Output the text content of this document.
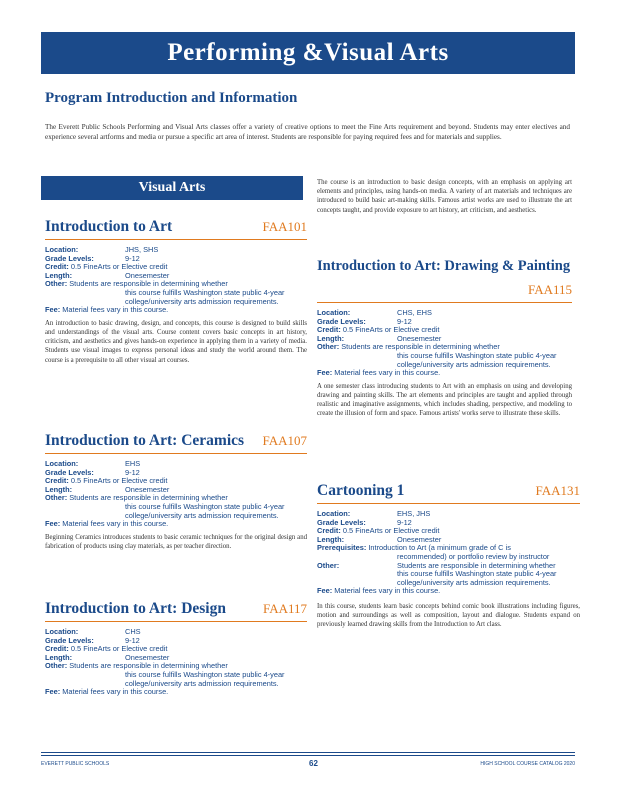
Performing &Visual Arts
Program Introduction and Information
The Everett Public Schools Performing and Visual Arts classes offer a variety of creative options to meet the Fine Arts requirement and beyond. Students may enter electives and experience several artforms and media or pursue a specific art area of interest. Students are responsible for paying required fees and for materials and supplies.
Visual Arts
Introduction to Art	FAA101
Location:	JHS, SHS
Grade Levels:	9-12
Credit:
0.5 FineArts or Elective credit
Length:	Onesemester
Other:
Students are responsible in determining whether
this course fulfills Washington state public 4-year college/university arts admission requirements.
Fee: Material fees vary in this course.
An introduction to basic drawing, design, and concepts, this course is designed to build skills and understandings of the visual arts. Course content covers basic concepts in art history, criticism, and aesthetics and gives hands-on experience in applying them in a variety of media. Students use visual images to express personal ideas and study the world around them. The course is a prerequisite to all other visual art courses.
Introduction to Art: Ceramics FAA107
Location:	EHS
Grade Levels:	9-12
Credit:
0.5 FineArts or Elective credit
Length:	Onesemester
Other:
Students are responsible in determining whether
this course fulfills Washington state public 4-year college/university arts admission requirements.
Fee: Material fees vary in this course.
Beginning Ceramics introduces students to basic ceramic techniques for the original design and fabrication of products using clay materials, as per teacher direction.
Introduction to Art: Design	FAA117
Location:	CHS
Grade Levels:	9-12
Credit:
0.5 FineArts or Elective credit
Length:	Onesemester
Other:
Students are responsible in determining whether
this course fulfills Washington state public 4-year college/university arts admission requirements.
Fee: Material fees vary in this course.
The course is an introduction to basic design concepts, with an emphasis on applying art elements and principles, using hands-on media. A variety of art materials and techniques are introduced to build basic art-making skills. Famous artist works are used to illustrate the art concepts taught, and provide exposure to art history, art criticism, and aesthetics.
Introduction to Art: Drawing & Painting
FAA115
Location:	CHS, EHS
Grade Levels:	9-12
Credit:
0.5 FineArts or Elective credit
Length:	Onesemester
Other:
Students are responsible in determining whether
this course fulfills Washington state public 4-year college/university arts admission requirements.
Fee: Material fees vary in this course.
A one semester class introducing students to Art with an emphasis on using and developing drawing and painting skills. The art elements and principles are taught and applied through realistic and imaginative assignments, which includes shading, perspective, and modeling to create the illusion of form and space. Famous artists' works serve to illustrate these skills.
Cartooning 1	FAA131
Location:	EHS, JHS
Grade Levels:	9-12
Credit:
0.5 FineArts or Elective credit
Length:	Onesemester
Prerequisites:
Introduction to Art (a minimum grade of C is
recommended) or portfolio review by instructor
Other:	Students are responsible in determining whether
this course fulfills Washington state public 4-year college/university arts admission requirements.
Fee: Material fees vary in this course.
In this course, students learn basic concepts behind comic book illustrations including figures, motion and surroundings as well as composition, layout and dialogue. Students expand on previously learned drawing skills from the Introduction to Art class.
EVERETT PUBLIC SCHOOLS	62	HIGH SCHOOL COURSE CATALOG 2020
